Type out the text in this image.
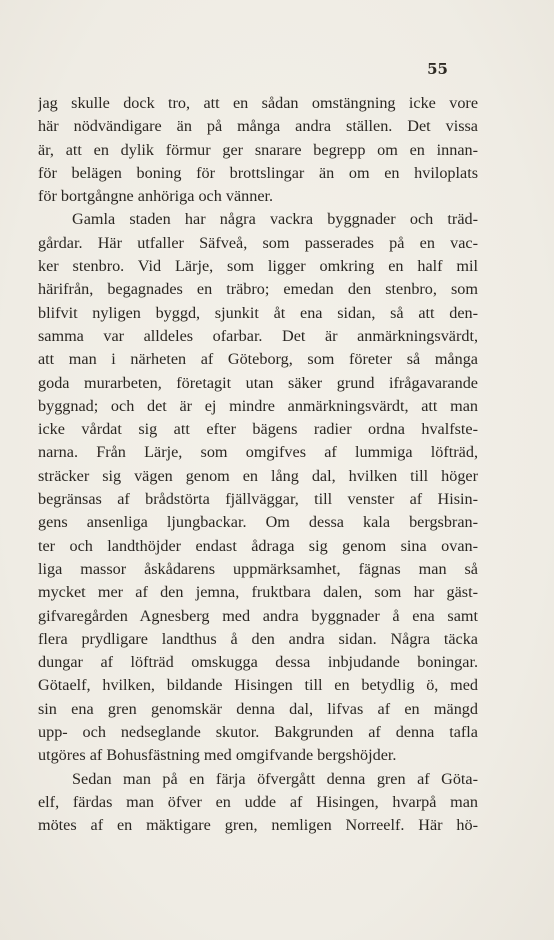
55
jag skulle dock tro, att en sådan omstängning icke vore
här nödvändigare än på många andra ställen. Det vissa
är, att en dylik förmur ger snarare begrepp om en innan-
för belägen boning för brottslingar än om en hviloplats
för bortgångne anhöriga och vänner.
Gamla staden har några vackra byggnader och träd-
gårdar. Här utfaller Säfveå, som passerades på en vac-
ker stenbro. Vid Lärje, som ligger omkring en half mil
härifrån, begagnades en träbro; emedan den stenbro, som
blifvit nyligen byggd, sjunkit åt ena sidan, så att den-
samma var alldeles ofarbar. Det är anmärkningsvärdt,
att man i närheten af Göteborg, som företer så många
goda murarbeten, företagit utan säker grund ifrågavarande
byggnad; och det är ej mindre anmärkningsvärdt, att man
icke vårdat sig att efter bägens radier ordna hvalfste-
narna. Från Lärje, som omgifves af lummiga löfträd,
sträcker sig vägen genom en lång dal, hvilken till höger
begränsas af brådstörta fjällväggar, till venster af Hisin-
gens ansenliga ljungbackar. Om dessa kala bergsbran-
ter och landthöjder endast ådraga sig genom sina ovan-
liga massor åskådarens uppmärksamhet, fägnas man så
mycket mer af den jemna, fruktbara dalen, som har gäst-
gifvaregården Agnesberg med andra byggnader å ena samt
flera prydligare landthus å den andra sidan. Några täcka
dungar af löfträd omskugga dessa inbjudande boningar.
Götaelf, hvilken, bildande Hisingen till en betydlig ö, med
sin ena gren genomskär denna dal, lifvas af en mängd
upp- och nedseglande skutor. Bakgrunden af denna tafla
utgöres af Bohusfästning med omgifvande bergshöjder.
Sedan man på en färja öfvergått denna gren af Göta-
elf, färdas man öfver en udde af Hisingen, hvarpå man
mötes af en mäktigare gren, nemligen Norreelf. Här hö-
